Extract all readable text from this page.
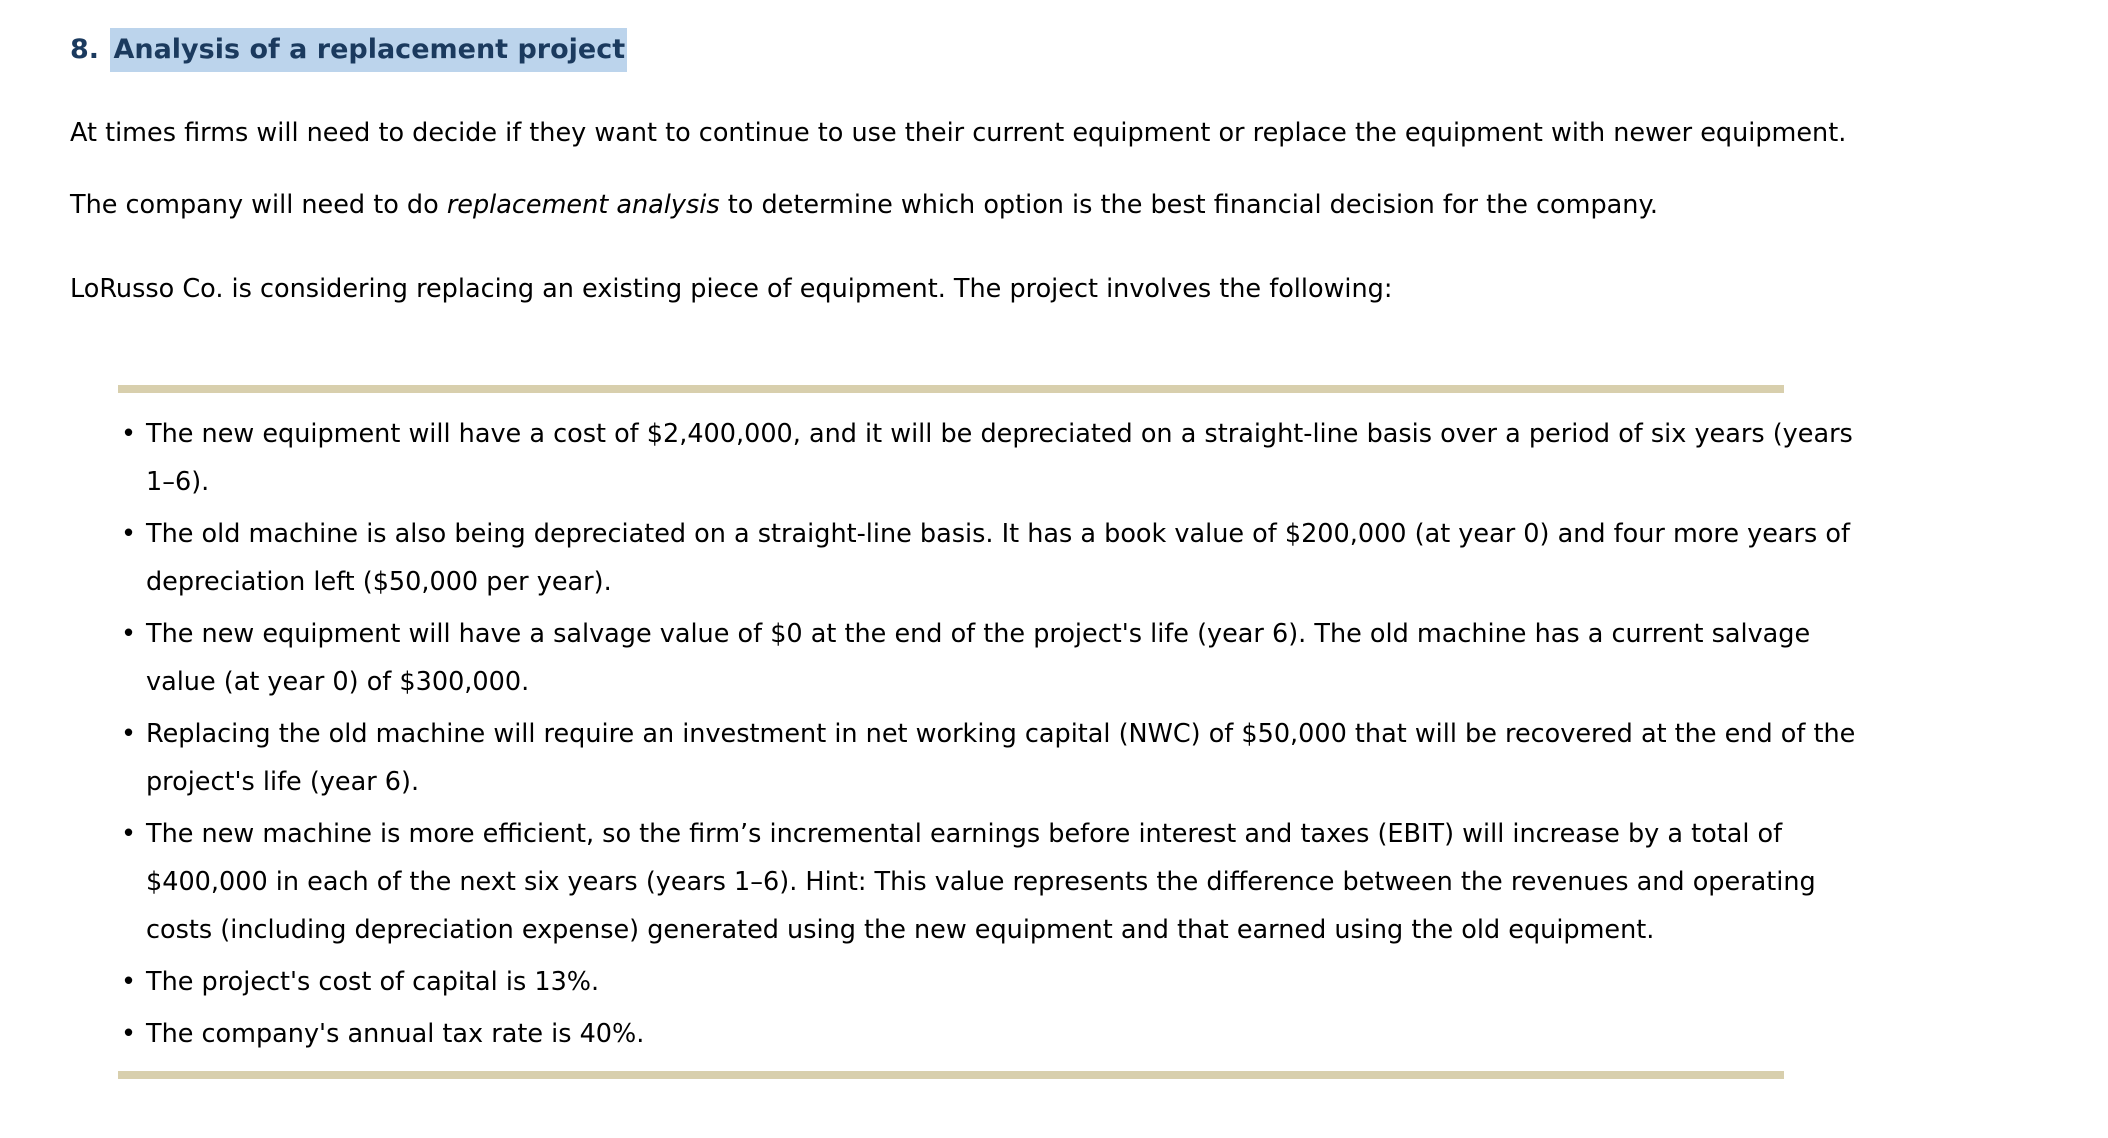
8. Analysis of a replacement project

At times firms will need to decide if they want to continue to use their current equipment or replace the equipment with newer equipment.

The company will need to do replacement analysis to determine which option is the best financial decision for the company.

LoRusso Co. is considering replacing an existing piece of equipment. The project involves the following:

• The new equipment will have a cost of $2,400,000, and it will be depreciated on a straight-line basis over a period of six years (years
1–6).
• The old machine is also being depreciated on a straight-line basis. It has a book value of $200,000 (at year 0) and four more years of
depreciation left ($50,000 per year).
• The new equipment will have a salvage value of $0 at the end of the project's life (year 6). The old machine has a current salvage
value (at year 0) of $300,000.
• Replacing the old machine will require an investment in net working capital (NWC) of $50,000 that will be recovered at the end of the
project's life (year 6).
• The new machine is more efficient, so the firm’s incremental earnings before interest and taxes (EBIT) will increase by a total of
$400,000 in each of the next six years (years 1–6). Hint: This value represents the difference between the revenues and operating
costs (including depreciation expense) generated using the new equipment and that earned using the old equipment.
• The project's cost of capital is 13%.
• The company's annual tax rate is 40%.
